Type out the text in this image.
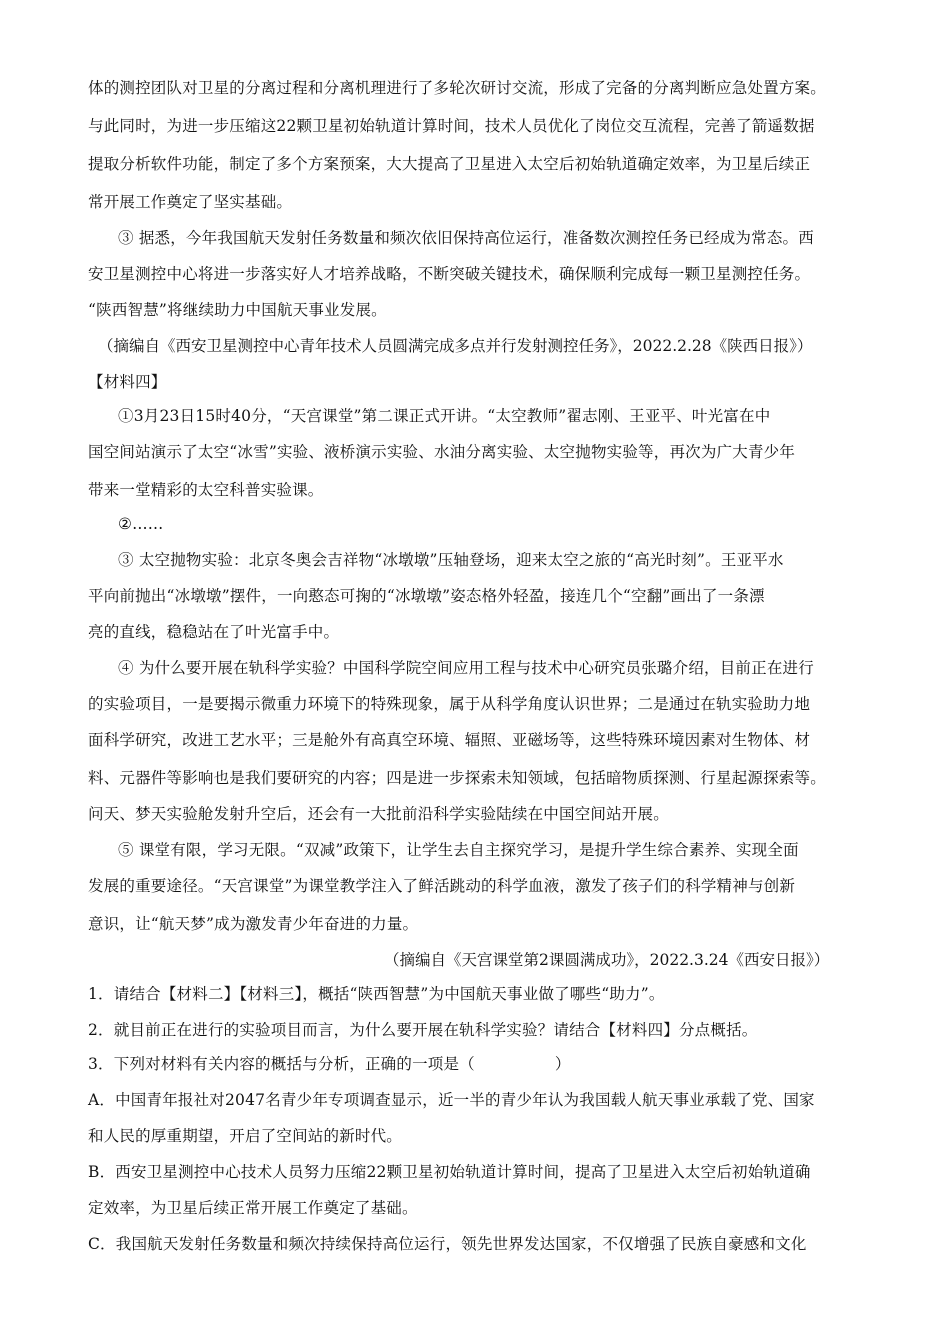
体的测控团队对卫星的分离过程和分离机理进行了多轮次研讨交流，形成了完备的分离判断应急处置方案。
与此同时，为进一步压缩这22颗卫星初始轨道计算时间，技术人员优化了岗位交互流程，完善了箭遥数据
提取分析软件功能，制定了多个方案预案，大大提高了卫星进入太空后初始轨道确定效率，为卫星后续正
常开展工作奠定了坚实基础。
③ 据悉，今年我国航天发射任务数量和频次依旧保持高位运行，准备数次测控任务已经成为常态。西
安卫星测控中心将进一步落实好人才培养战略，不断突破关键技术，确保顺利完成每一颗卫星测控任务。
“陕西智慧”将继续助力中国航天事业发展。
（摘编自《西安卫星测控中心青年技术人员圆满完成多点并行发射测控任务》，2022.2.28《陕西日报》）
【材料四】
①3月23日15时40分，“天宫课堂”第二课正式开讲。“太空教师”翟志刚、王亚平、叶光富在中
国空间站演示了太空“冰雪”实验、液桥演示实验、水油分离实验、太空抛物实验等，再次为广大青少年
带来一堂精彩的太空科普实验课。
②……
③ 太空抛物实验：北京冬奥会吉祥物“冰墩墩”压轴登场，迎来太空之旅的“高光时刻”。王亚平水
平向前抛出“冰墩墩”摆件，一向憨态可掬的“冰墩墩”姿态格外轻盈，接连几个“空翻”画出了一条漂
亮的直线，稳稳站在了叶光富手中。
④ 为什么要开展在轨科学实验？中国科学院空间应用工程与技术中心研究员张璐介绍，目前正在进行
的实验项目，一是要揭示微重力环境下的特殊现象，属于从科学角度认识世界；二是通过在轨实验助力地
面科学研究，改进工艺水平；三是舱外有高真空环境、辐照、亚磁场等，这些特殊环境因素对生物体、材
料、元器件等影响也是我们要研究的内容；四是进一步探索未知领域，包括暗物质探测、行星起源探索等。
问天、梦天实验舱发射升空后，还会有一大批前沿科学实验陆续在中国空间站开展。
⑤ 课堂有限，学习无限。“双减”政策下，让学生去自主探究学习，是提升学生综合素养、实现全面
发展的重要途径。“天宫课堂”为课堂教学注入了鲜活跳动的科学血液，激发了孩子们的科学精神与创新
意识，让“航天梦”成为激发青少年奋进的力量。
（摘编自《天宫课堂第2课圆满成功》，2022.3.24《西安日报》）
1．请结合【材料二】【材料三】，概括“陕西智慧”为中国航天事业做了哪些“助力”。
2．就目前正在进行的实验项目而言，为什么要开展在轨科学实验？请结合【材料四】分点概括。
3．下列对材料有关内容的概括与分析，正确的一项是（	）
A．中国青年报社对2047名青少年专项调查显示，近一半的青少年认为我国载人航天事业承载了党、国家
和人民的厚重期望，开启了空间站的新时代。
B．西安卫星测控中心技术人员努力压缩22颗卫星初始轨道计算时间，提高了卫星进入太空后初始轨道确
定效率，为卫星后续正常开展工作奠定了基础。
C．我国航天发射任务数量和频次持续保持高位运行，领先世界发达国家，不仅增强了民族自豪感和文化
